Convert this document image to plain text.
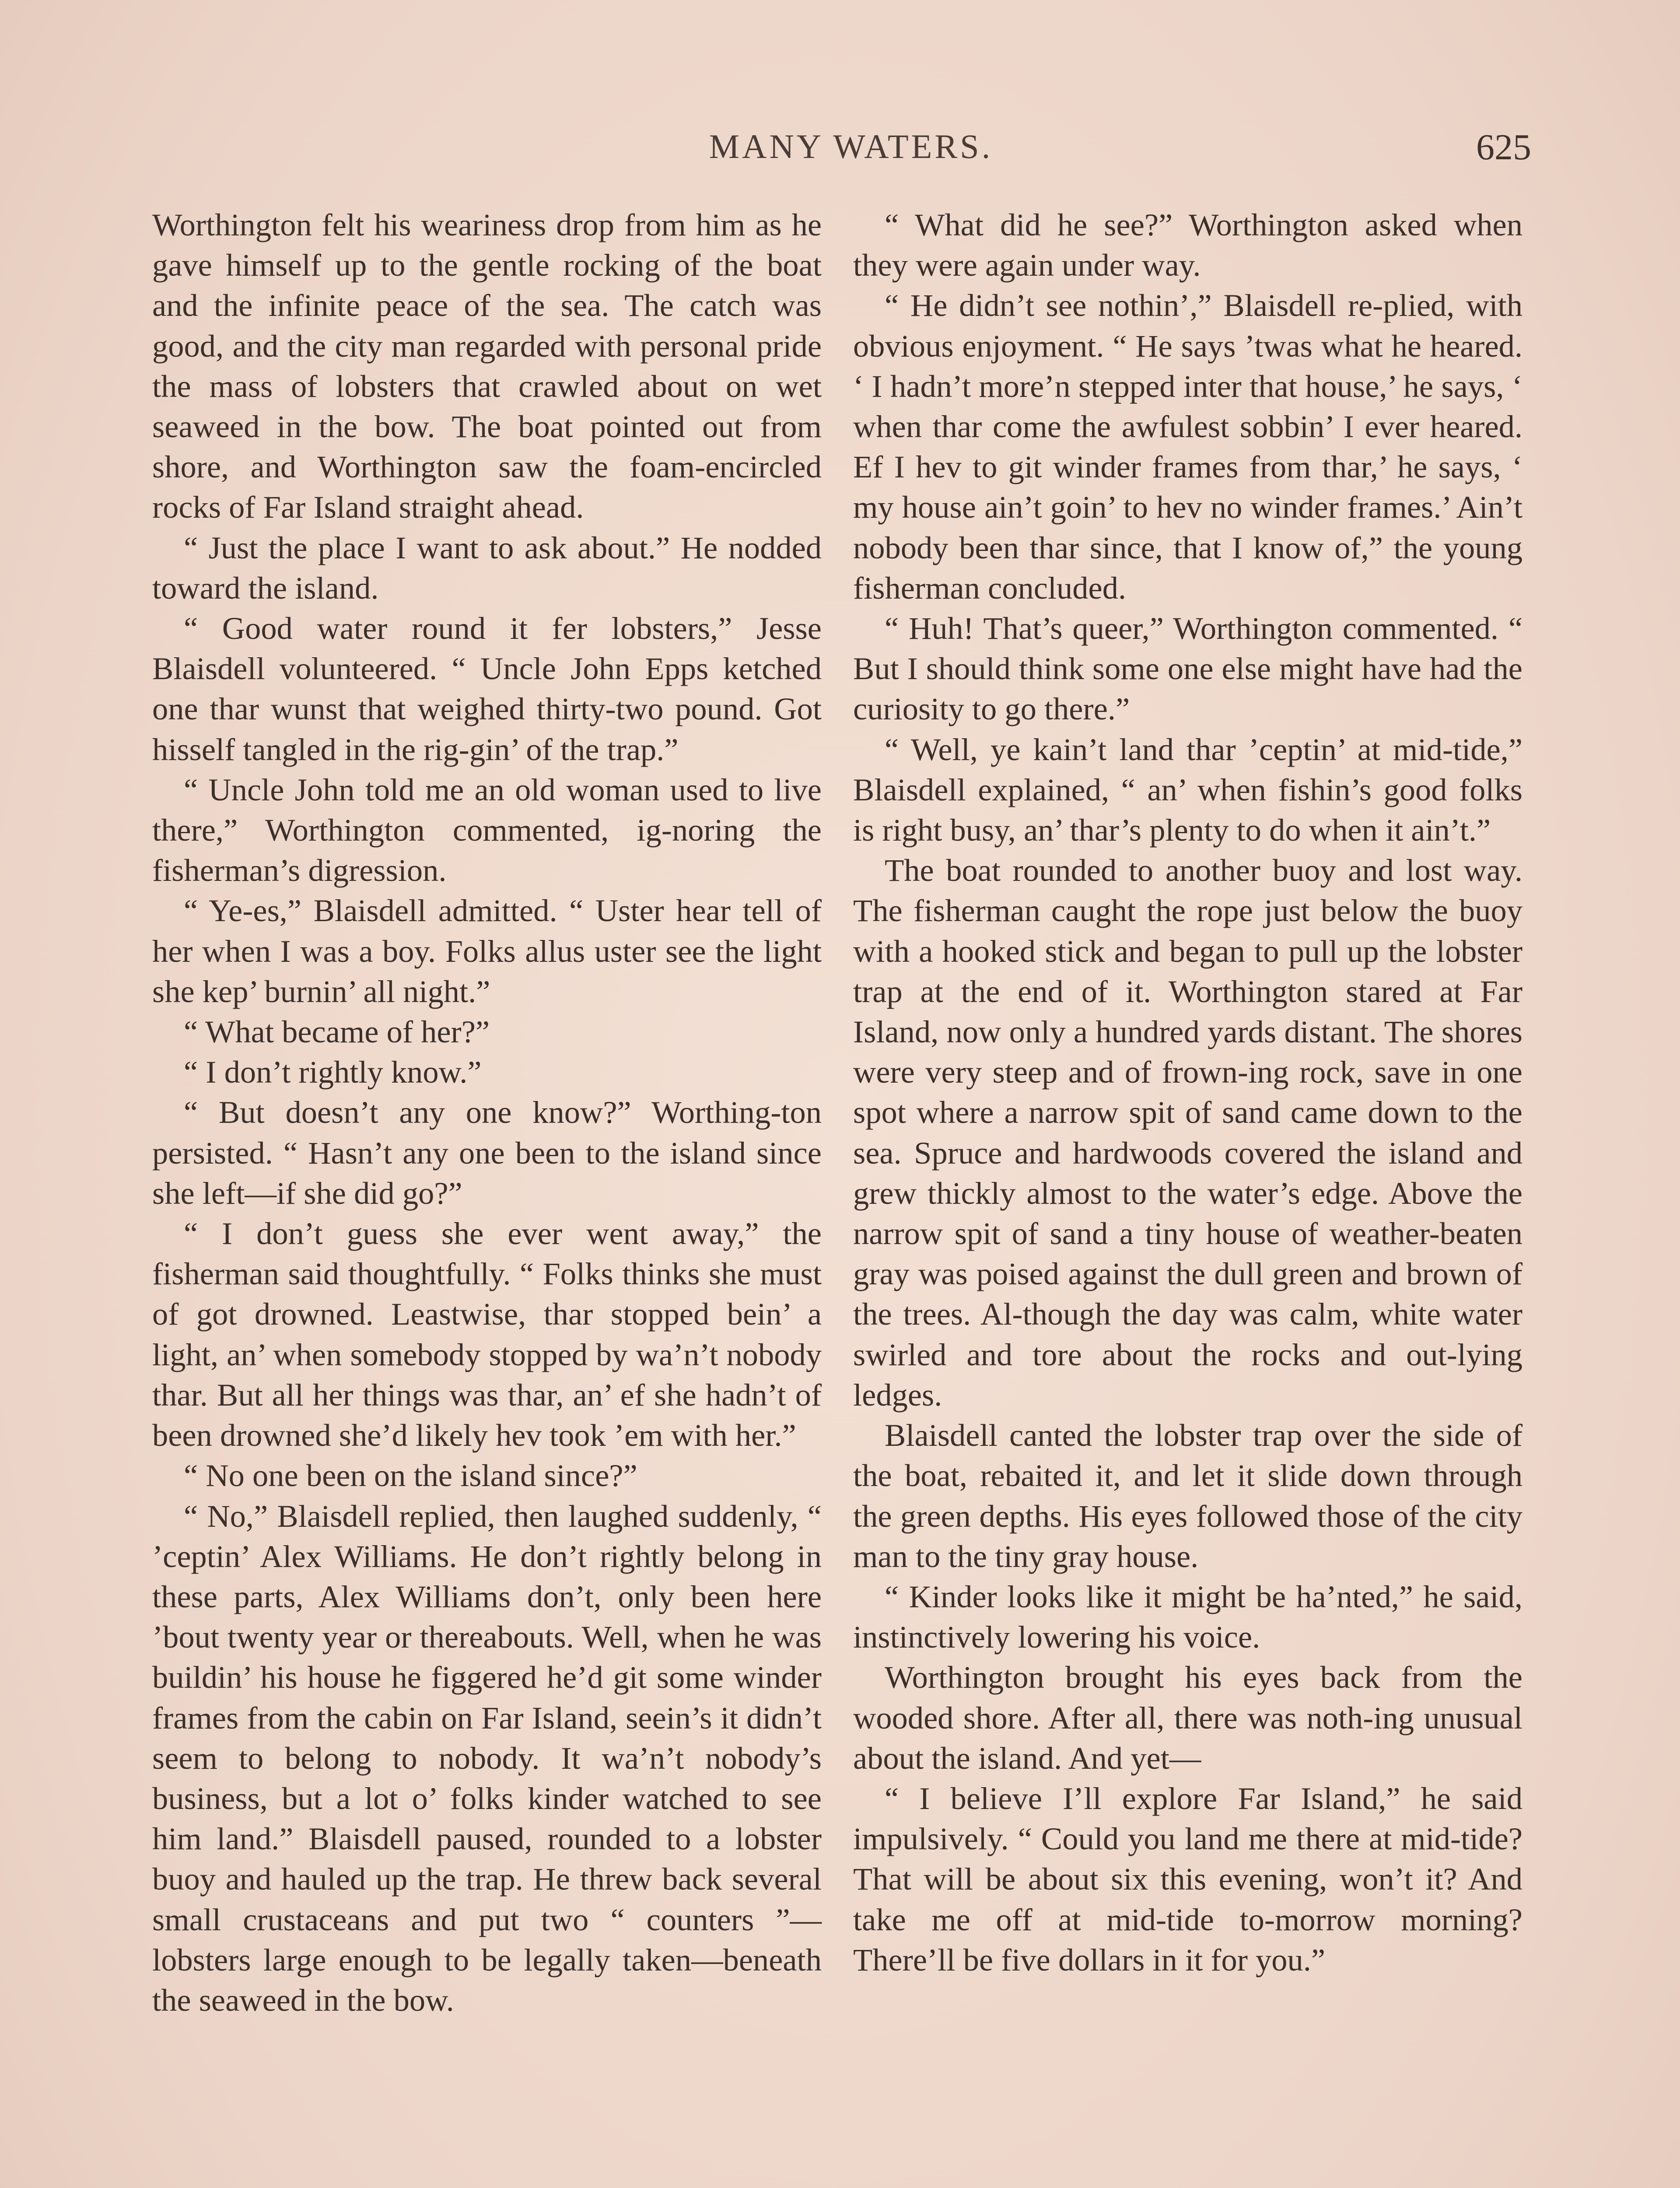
MANY WATERS.	625

Worthington felt his weariness drop from him as he gave himself up to the gentle rocking of the boat and the infinite peace of the sea. The catch was good, and the city man regarded with personal pride the mass of lobsters that crawled about on wet seaweed in the bow. The boat pointed out from shore, and Worthington saw the foam-encircled rocks of Far Island straight ahead.

“ Just the place I want to ask about.” He nodded toward the island.

“ Good water round it fer lobsters,” Jesse Blaisdell volunteered. “ Uncle John Epps ketched one thar wunst that weighed thirty-two pound. Got hisself tangled in the rig-gin’ of the trap.”

“ Uncle John told me an old woman used to live there,” Worthington commented, ig-noring the fisherman’s digression.

“ Ye-es,” Blaisdell admitted. “ Uster hear tell of her when I was a boy. Folks allus uster see the light she kep’ burnin’ all night.”

“ What became of her?”

“ I don’t rightly know.”

“ But doesn’t any one know?” Worthing-ton persisted. “ Hasn’t any one been to the island since she left—if she did go?”

“ I don’t guess she ever went away,” the fisherman said thoughtfully. “ Folks thinks she must of got drowned. Leastwise, thar stopped bein’ a light, an’ when somebody stopped by wa’n’t nobody thar. But all her things was thar, an’ ef she hadn’t of been drowned she’d likely hev took ’em with her.”

“ No one been on the island since?”

“ No,” Blaisdell replied, then laughed suddenly, “ ’ceptin’ Alex Williams. He don’t rightly belong in these parts, Alex Williams don’t, only been here ’bout twenty year or thereabouts. Well, when he was buildin’ his house he figgered he’d git some winder frames from the cabin on Far Island, seein’s it didn’t seem to belong to nobody. It wa’n’t nobody’s business, but a lot o’ folks kinder watched to see him land.” Blaisdell paused, rounded to a lobster buoy and hauled up the trap. He threw back several small crustaceans and put two “ counters ”—lobsters large enough to be legally taken—beneath the seaweed in the bow.

“ What did he see?” Worthington asked when they were again under way.

“ He didn’t see nothin’,” Blaisdell re-plied, with obvious enjoyment. “ He says ’twas what he heared. ‘ I hadn’t more’n stepped inter that house,’ he says, ‘ when thar come the awfulest sobbin’ I ever heared. Ef I hev to git winder frames from thar,’ he says, ‘ my house ain’t goin’ to hev no winder frames.’ Ain’t nobody been thar since, that I know of,” the young fisherman concluded.

“ Huh! That’s queer,” Worthington commented. “ But I should think some one else might have had the curiosity to go there.”

“ Well, ye kain’t land thar ’ceptin’ at mid-tide,” Blaisdell explained, “ an’ when fishin’s good folks is right busy, an’ thar’s plenty to do when it ain’t.”

The boat rounded to another buoy and lost way. The fisherman caught the rope just below the buoy with a hooked stick and began to pull up the lobster trap at the end of it. Worthington stared at Far Island, now only a hundred yards distant. The shores were very steep and of frown-ing rock, save in one spot where a narrow spit of sand came down to the sea. Spruce and hardwoods covered the island and grew thickly almost to the water’s edge. Above the narrow spit of sand a tiny house of weather-beaten gray was poised against the dull green and brown of the trees. Al-though the day was calm, white water swirled and tore about the rocks and out-lying ledges.

Blaisdell canted the lobster trap over the side of the boat, rebaited it, and let it slide down through the green depths. His eyes followed those of the city man to the tiny gray house.

“ Kinder looks like it might be ha’nted,” he said, instinctively lowering his voice.

Worthington brought his eyes back from the wooded shore. After all, there was noth-ing unusual about the island. And yet—

“ I believe I’ll explore Far Island,” he said impulsively. “ Could you land me there at mid-tide? That will be about six this evening, won’t it? And take me off at mid-tide to-morrow morning? There’ll be five dollars in it for you.”
